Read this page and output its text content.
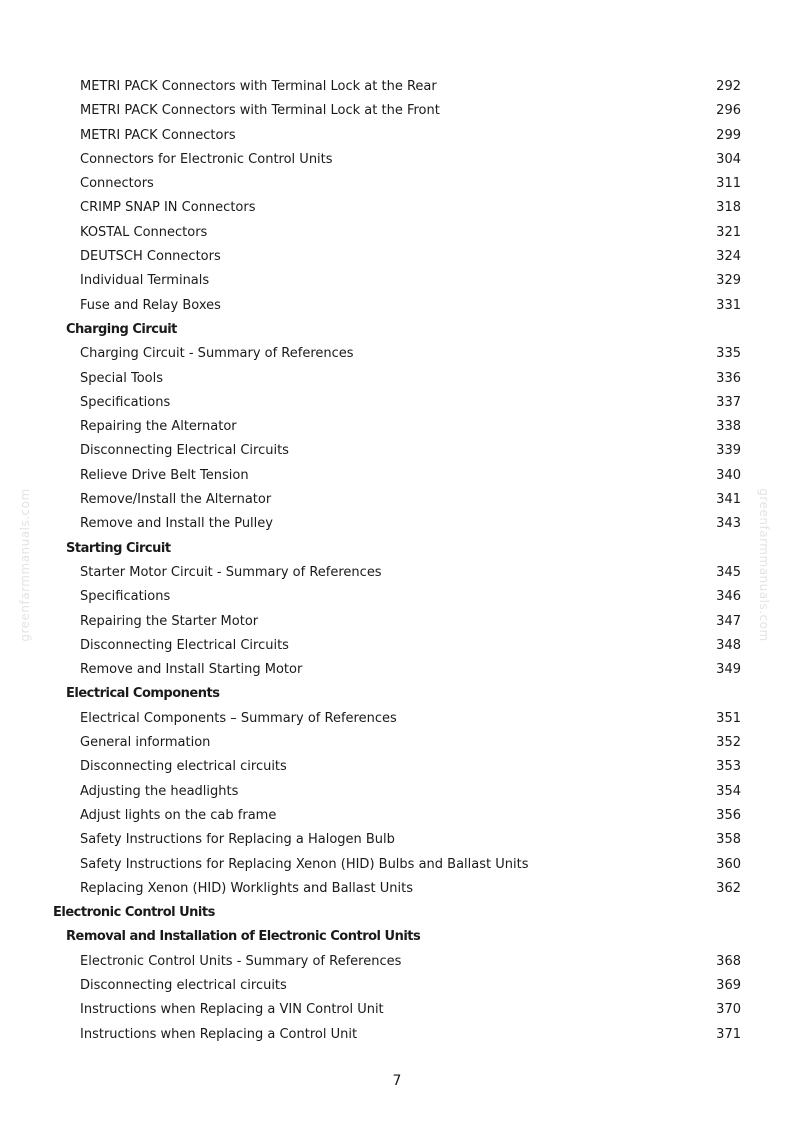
greenfarmmanuals.com	greenfarmmanuals.com
METRI PACK Connectors with Terminal Lock at the Rear	292
METRI PACK Connectors with Terminal Lock at the Front	296
METRI PACK Connectors	299
Connectors for Electronic Control Units	304
Connectors	311
CRIMP SNAP IN Connectors	318
KOSTAL Connectors	321
DEUTSCH Connectors	324
Individual Terminals	329
Fuse and Relay Boxes	331
Charging Circuit
Charging Circuit - Summary of References	335
Special Tools	336
Specifications	337
Repairing the Alternator	338
Disconnecting Electrical Circuits	339
Relieve Drive Belt Tension	340
Remove/Install the Alternator	341
Remove and Install the Pulley	343
Starting Circuit
Starter Motor Circuit - Summary of References	345
Specifications	346
Repairing the Starter Motor	347
Disconnecting Electrical Circuits	348
Remove and Install Starting Motor	349
Electrical Components
Electrical Components – Summary of References	351
General information	352
Disconnecting electrical circuits	353
Adjusting the headlights	354
Adjust lights on the cab frame	356
Safety Instructions for Replacing a Halogen Bulb	358
Safety Instructions for Replacing Xenon (HID) Bulbs and Ballast Units	360
Replacing Xenon (HID) Worklights and Ballast Units	362
Electronic Control Units
Removal and Installation of Electronic Control Units
Electronic Control Units - Summary of References	368
Disconnecting electrical circuits	369
Instructions when Replacing a VIN Control Unit	370
Instructions when Replacing a Control Unit	371
7
